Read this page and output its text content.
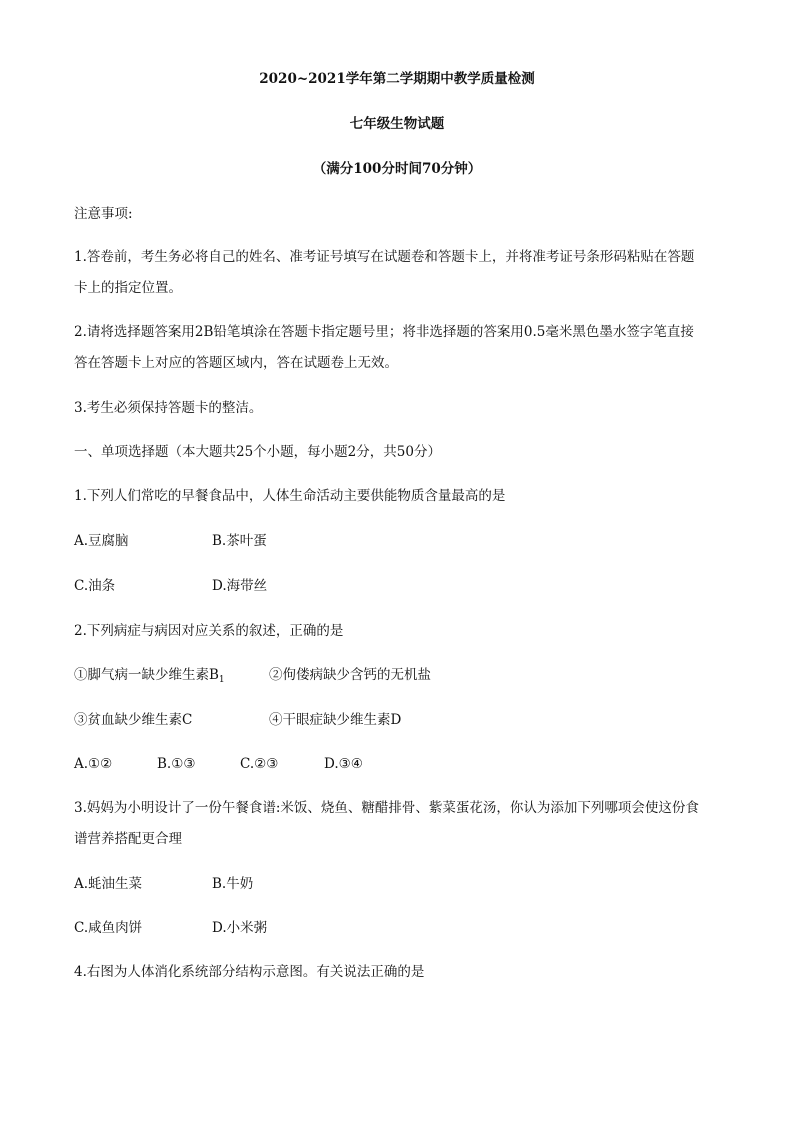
2020~2021学年第二学期期中教学质量检测
七年级生物试题
（满分100分时间70分钟）
注意事项:
1.答卷前，考生务必将自己的姓名、准考证号填写在试题卷和答题卡上，并将准考证号条形码粘贴在答题
卡上的指定位置。
2.请将选择题答案用2B铅笔填涂在答题卡指定题号里；将非选择题的答案用0.5毫米黑色墨水签字笔直接
答在答题卡上对应的答题区域内，答在试题卷上无效。
3.考生必须保持答题卡的整洁。
一、单项选择题（本大题共25个小题，每小题2分，共50分）
1.下列人们常吃的早餐食品中，人体生命活动主要供能物质含量最高的是
A.豆腐脑	B.茶叶蛋
C.油条	D.海带丝
2.下列病症与病因对应关系的叙述，正确的是
①脚气病一缺少维生素$B_1$	②佝偻病缺少含钙的无机盐
③贫血缺少维生素C	④干眼症缺少维生素D
A.①②	B.①③	C.②③	D.③④
3.妈妈为小明设计了一份午餐食谱:米饭、烧鱼、糖醋排骨、紫菜蛋花汤，你认为添加下列哪项会使这份食
谱营养搭配更合理
A.蚝油生菜	B.牛奶
C.咸鱼肉饼	D.小米粥
4.右图为人体消化系统部分结构示意图。有关说法正确的是
